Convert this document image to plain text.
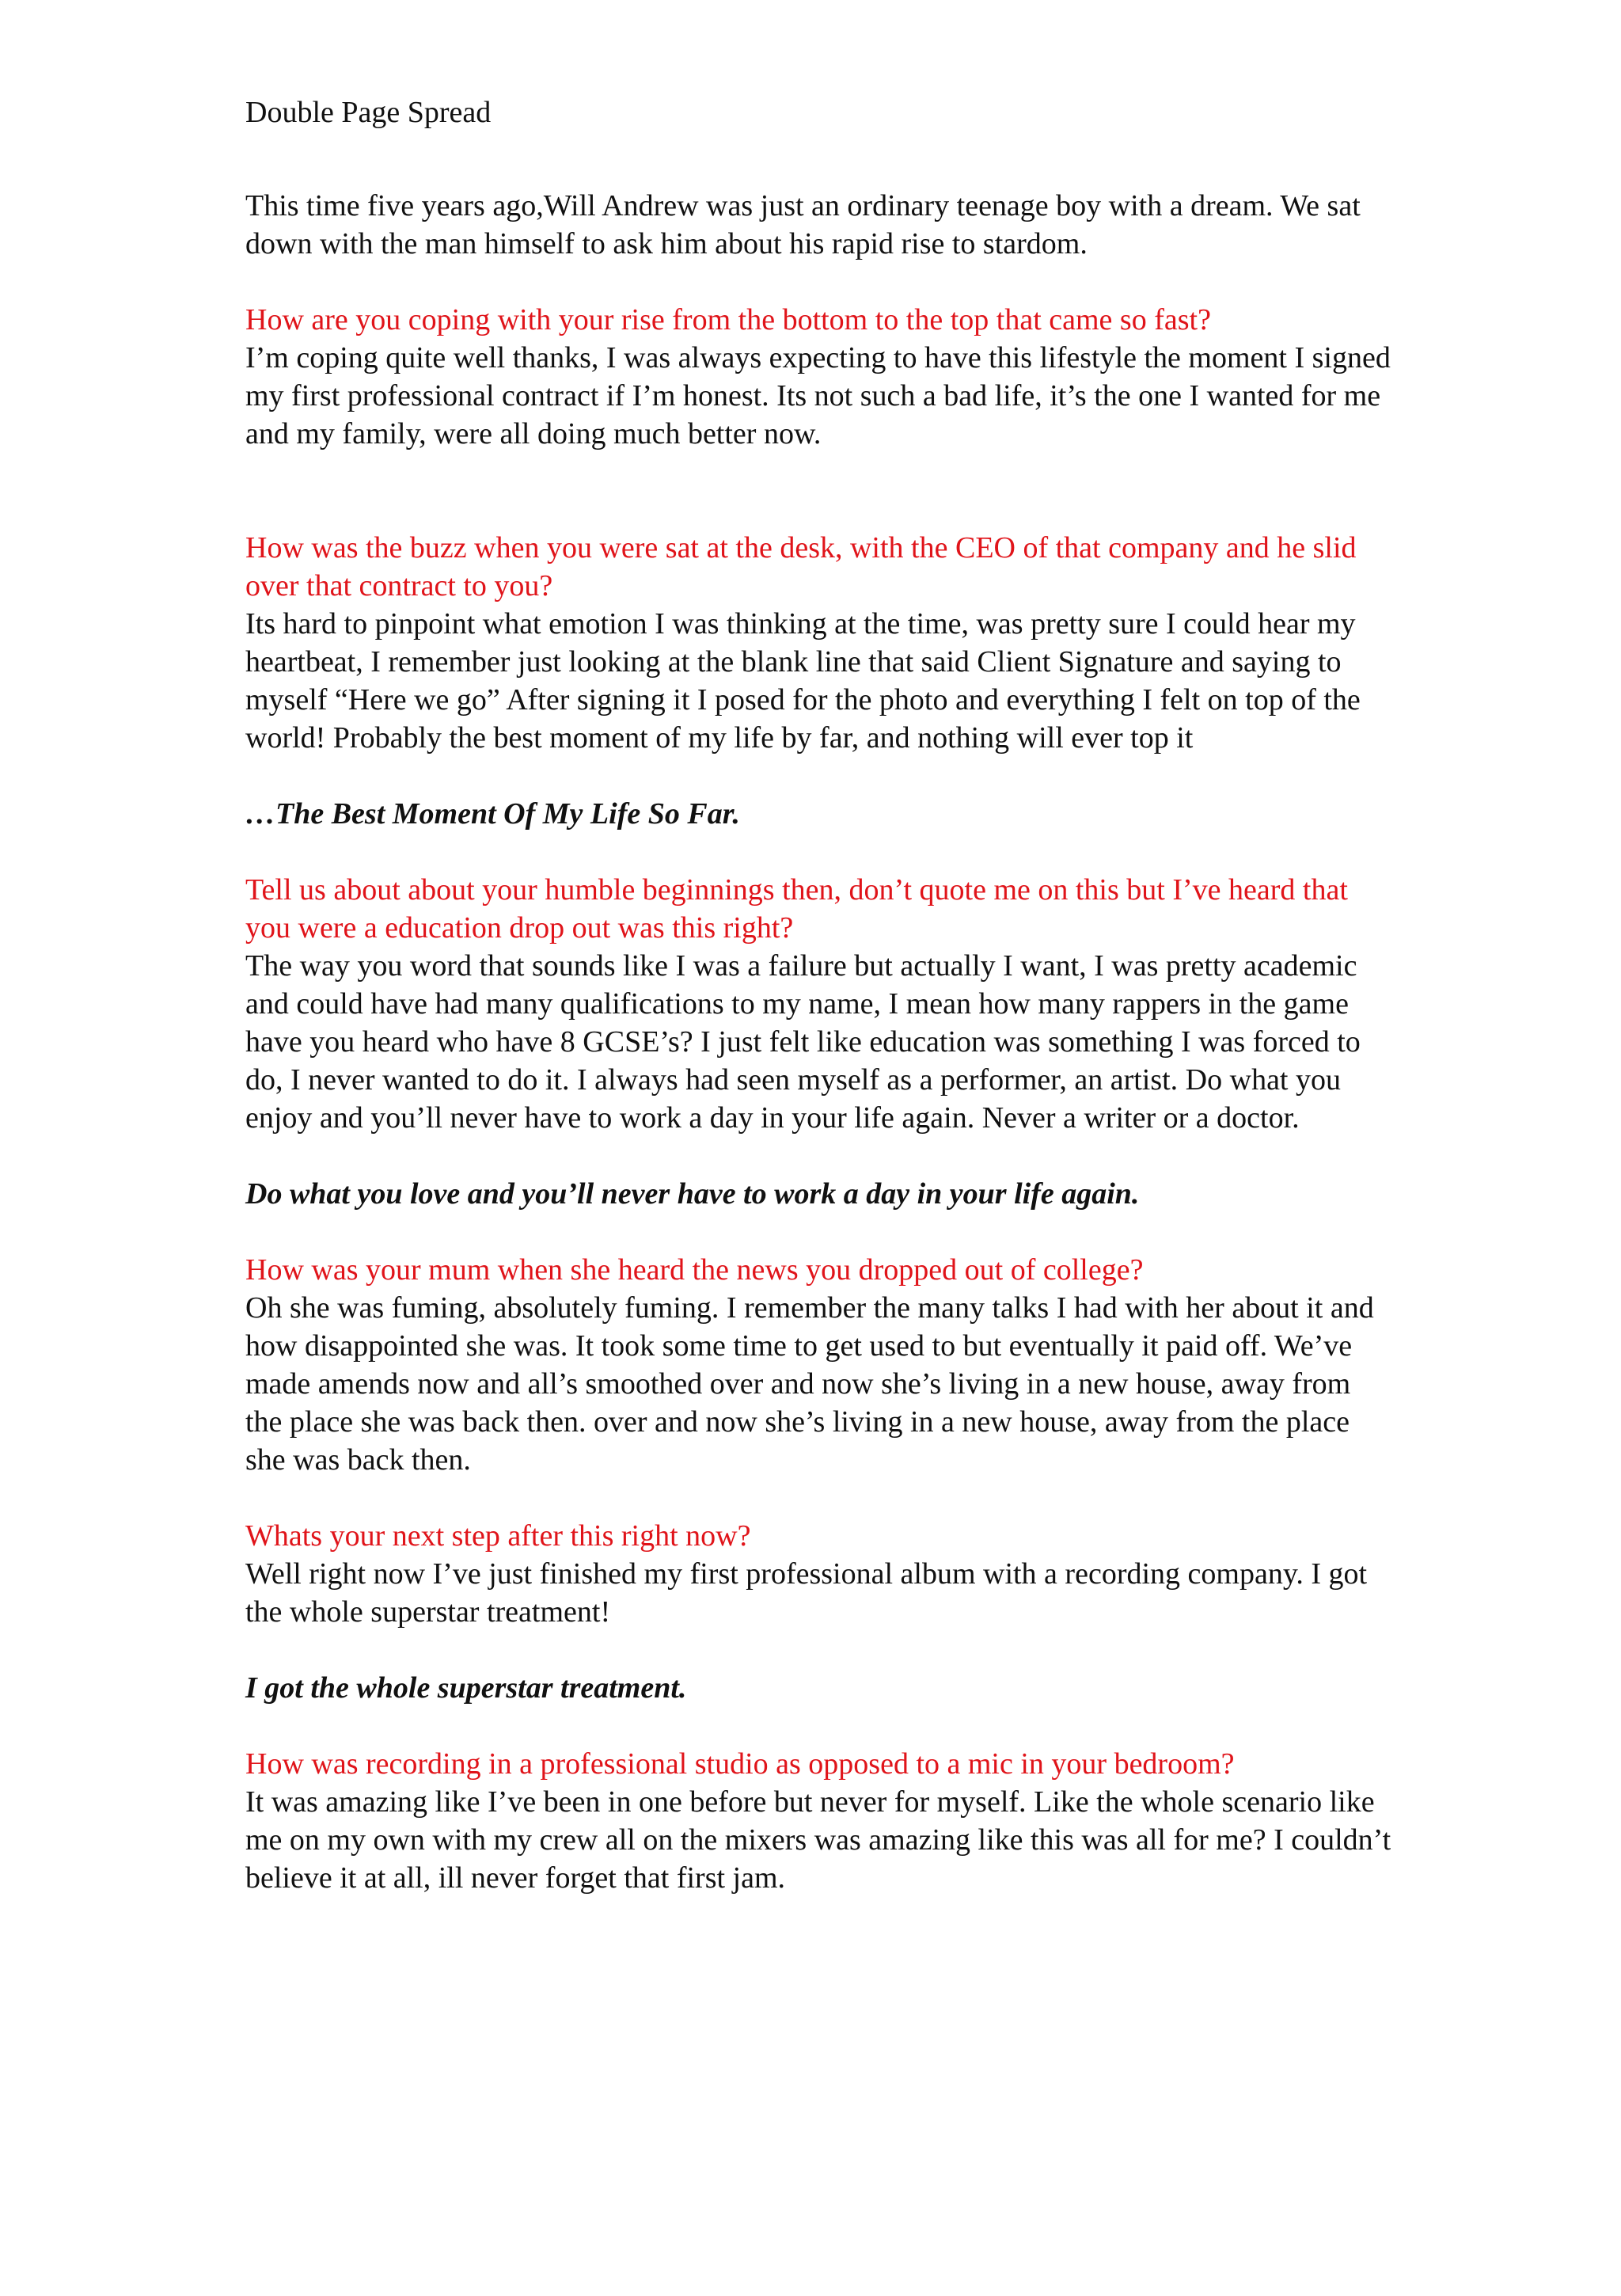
Double Page Spread

This time five years ago,Will Andrew was just an ordinary teenage boy with a dream. We sat down with the man himself to ask him about his rapid rise to stardom.

How are you coping with your rise from the bottom to the top that came so fast?

I’m coping quite well thanks, I was always expecting to have this lifestyle the moment I signed my first professional contract if I’m honest. Its not such a bad life, it’s the one I wanted for me and my family, were all doing much better now.

How was the buzz when you were sat at the desk, with the CEO of that company and he slid over that contract to you?

Its hard to pinpoint what emotion I was thinking at the time, was pretty sure I could hear my heartbeat, I remember just looking at the blank line that said Client Signature and saying to myself “Here we go” After signing it I posed for the photo and everything I felt on top of the world! Probably the best moment of my life by far, and nothing will ever top it

…The Best Moment Of My Life So Far.

Tell us about about your humble beginnings then, don’t quote me on this but I’ve heard that you were a education drop out was this right?

The way you word that sounds like I was a failure but actually I want, I was pretty academic and could have had many qualifications to my name, I mean how many rappers in the game have you heard who have 8 GCSE’s? I just felt like education was something I was forced to do, I never wanted to do it. I always had seen myself as a performer, an artist. Do what you enjoy and you’ll never have to work a day in your life again. Never a writer or a doctor.

Do what you love and you’ll never have to work a day in your life again.

How was your mum when she heard the news you dropped out of college?

Oh she was fuming, absolutely fuming. I remember the many talks I had with her about it and how disappointed she was. It took some time to get used to but eventually it paid off. We’ve made amends now and all’s smoothed over and now she’s living in a new house, away from the place she was back then. over and now she’s living in a new house, away from the place she was back then.

Whats your next step after this right now?

Well right now I’ve just finished my first professional album with a recording company. I got the whole superstar treatment!

I got the whole superstar treatment.

How was recording in a professional studio as opposed to a mic in your bedroom?

It was amazing like I’ve been in one before but never for myself. Like the whole scenario like me on my own with my crew all on the mixers was amazing like this was all for me? I couldn’t believe it at all, ill never forget that first jam.
